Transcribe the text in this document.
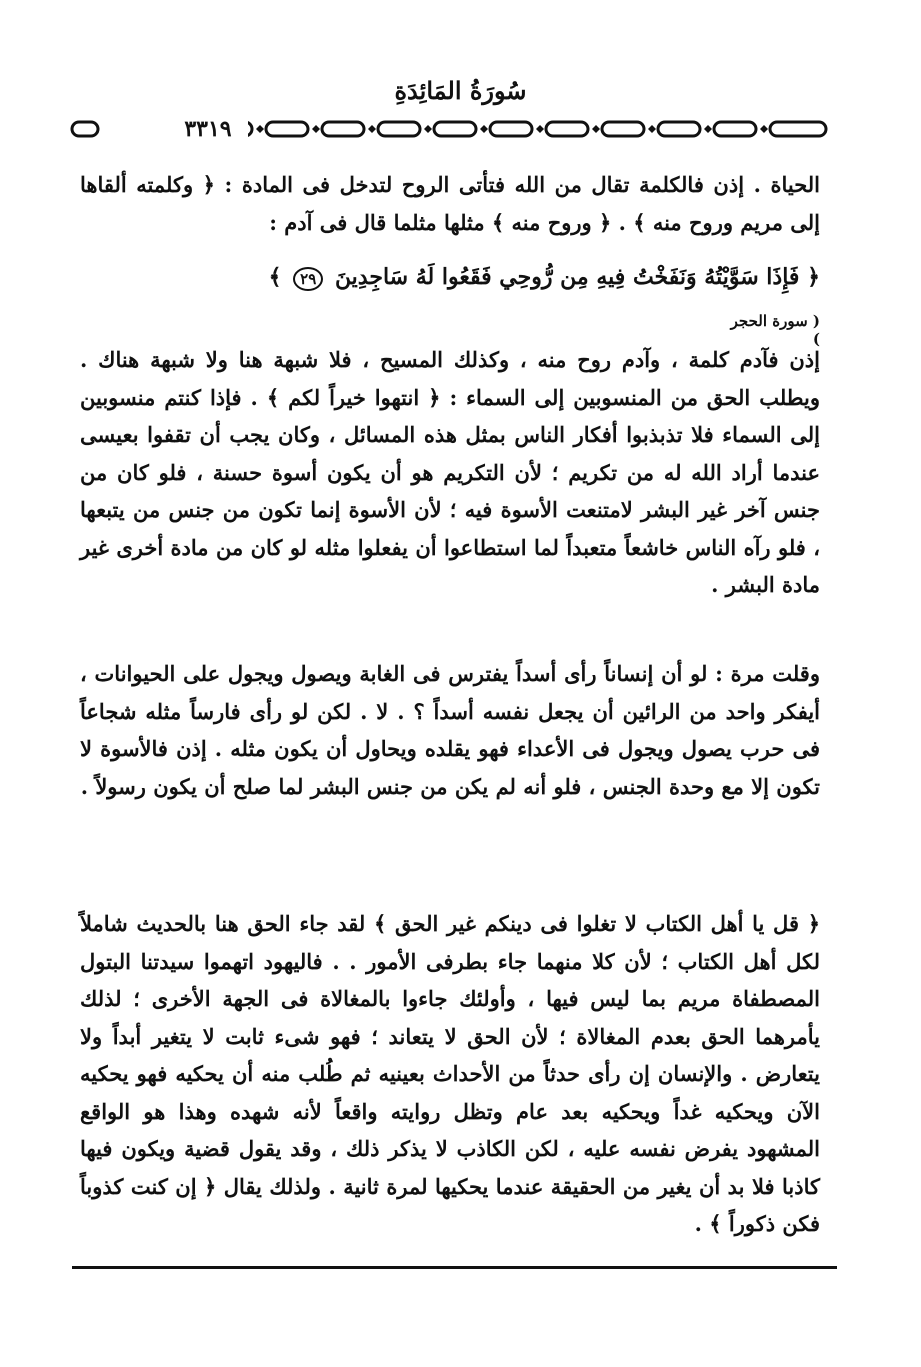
سُورَةُ المَائِدَةِ
٣٣١٩

الحياة . إذن فالكلمة تقال من الله فتأتى الروح لتدخل فى المادة : ﴿ وكلمته ألقاها إلى مريم وروح منه ﴾ . ﴿ وروح منه ﴾ مثلها مثلما قال فى آدم :

﴿ فَإِذَا سَوَّيْتُهُ وَنَفَخْتُ فِيهِ مِن رُّوحِي فَقَعُوا لَهُ سَاجِدِينَ ٢٩ ﴾
( سورة الحجر )

إذن فآدم كلمة ، وآدم روح منه ، وكذلك المسيح ، فلا شبهة هنا ولا شبهة هناك . ويطلب الحق من المنسوبين إلى السماء : ﴿ انتهوا خيراً لكم ﴾ . فإذا كنتم منسوبين إلى السماء فلا تذبذبوا أفكار الناس بمثل هذه المسائل ، وكان يجب أن تقفوا بعيسى عندما أراد الله له من تكريم ؛ لأن التكريم هو أن يكون أسوة حسنة ، فلو كان من جنس آخر غير البشر لامتنعت الأسوة فيه ؛ لأن الأسوة إنما تكون من جنس من يتبعها ، فلو رآه الناس خاشعاً متعبداً لما استطاعوا أن يفعلوا مثله لو كان من مادة أخرى غير مادة البشر .

وقلت مرة : لو أن إنساناً رأى أسداً يفترس فى الغابة ويصول ويجول على الحيوانات ، أيفكر واحد من الرائين أن يجعل نفسه أسداً ؟ . لا . لكن لو رأى فارساً مثله شجاعاً فى حرب يصول ويجول فى الأعداء فهو يقلده ويحاول أن يكون مثله . إذن فالأسوة لا تكون إلا مع وحدة الجنس ، فلو أنه لم يكن من جنس البشر لما صلح أن يكون رسولاً .

﴿ قل يا أهل الكتاب لا تغلوا فى دينكم غير الحق ﴾ لقد جاء الحق هنا بالحديث شاملاً لكل أهل الكتاب ؛ لأن كلا منهما جاء بطرفى الأمور . . فاليهود اتهموا سيدتنا البتول المصطفاة مريم بما ليس فيها ، وأولئك جاءوا بالمغالاة فى الجهة الأخرى ؛ لذلك يأمرهما الحق بعدم المغالاة ؛ لأن الحق لا يتعاند ؛ فهو شىء ثابت لا يتغير أبداً ولا يتعارض . والإنسان إن رأى حدثاً من الأحداث بعينيه ثم طُلب منه أن يحكيه فهو يحكيه الآن ويحكيه غداً ويحكيه بعد عام وتظل روايته واقعاً لأنه شهده وهذا هو الواقع المشهود يفرض نفسه عليه ، لكن الكاذب لا يذكر ذلك ، وقد يقول قضية ويكون فيها كاذبا فلا بد أن يغير من الحقيقة عندما يحكيها لمرة ثانية . ولذلك يقال ﴿ إن كنت كذوباً فكن ذكوراً ﴾ .
